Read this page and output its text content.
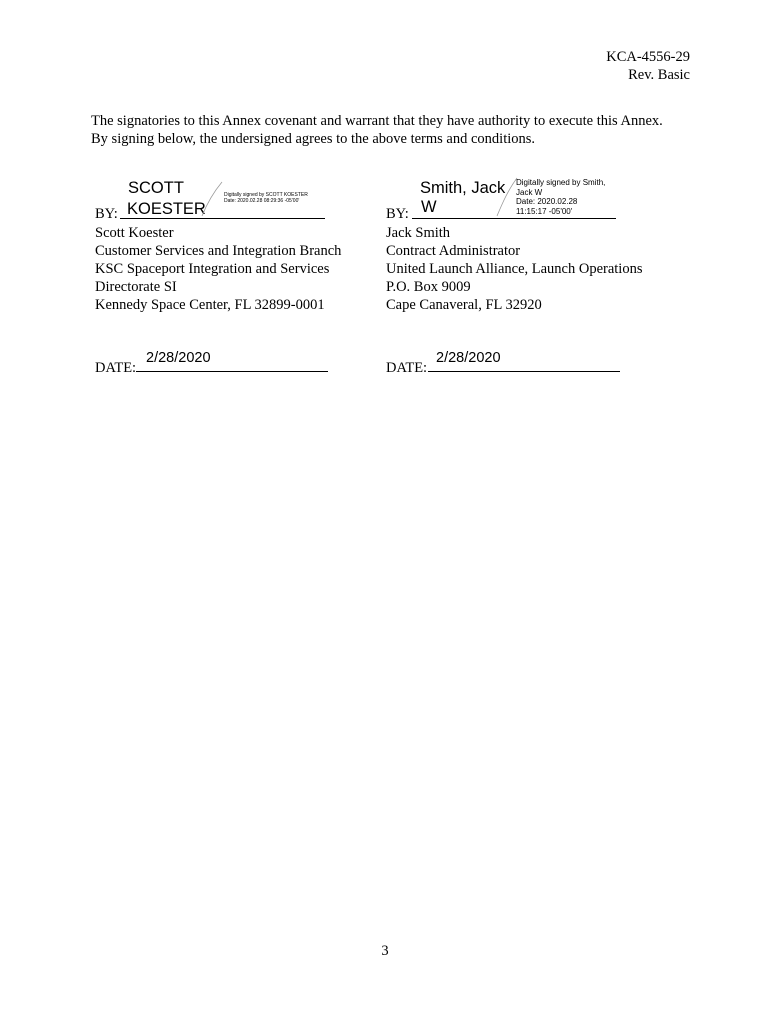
KCA-4556-29
Rev. Basic
The signatories to this Annex covenant and warrant that they have authority to execute this Annex. By signing below, the undersigned agrees to the above terms and conditions.
SCOTT
KOESTER
Digitally signed by SCOTT KOESTER
Date: 2020.02.28 08:29:36 -05'00'
BY:
Scott Koester
Customer Services and Integration Branch
KSC Spaceport Integration and Services
Directorate SI
Kennedy Space Center, FL 32899-0001
2/28/2020
DATE:
Smith, Jack
W
Digitally signed by Smith,
Jack W
Date: 2020.02.28
11:15:17 -05'00'
BY:
Jack Smith
Contract Administrator
United Launch Alliance, Launch Operations
P.O. Box 9009
Cape Canaveral, FL 32920
2/28/2020
DATE:
3
